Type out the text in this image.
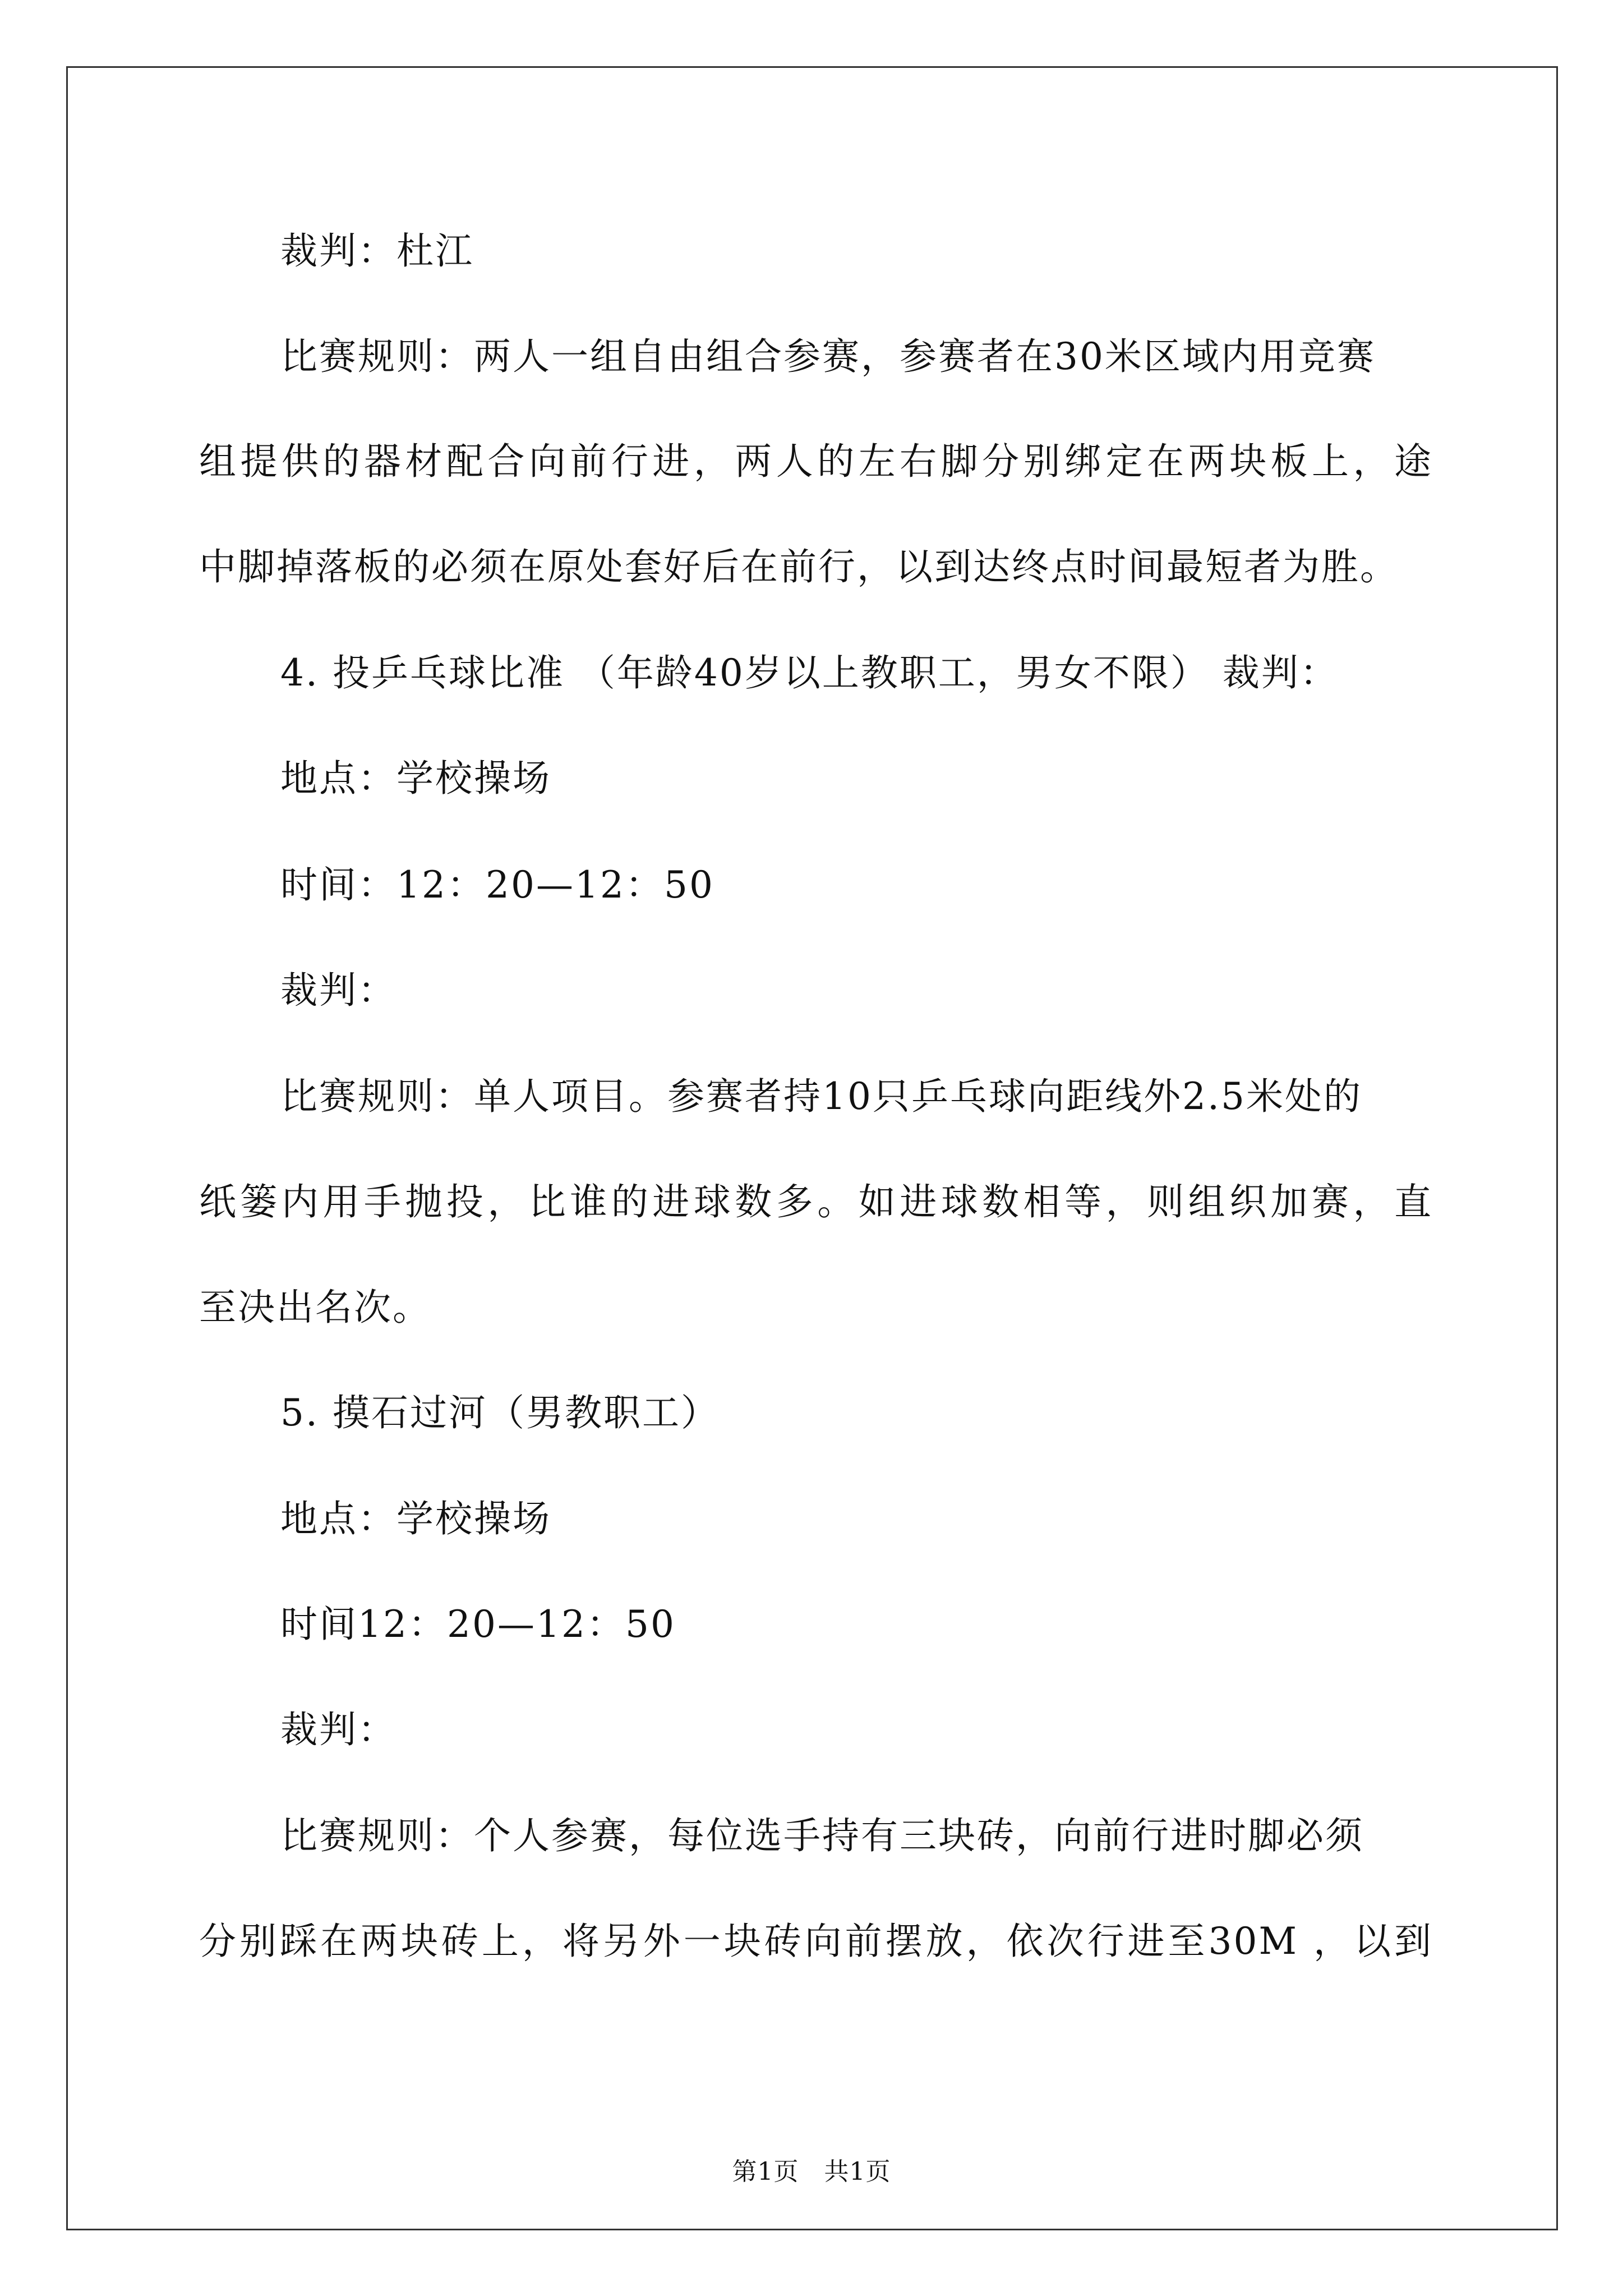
裁判：杜江
比赛规则：两人一组自由组合参赛，参赛者在30米区域内用竞赛
组提供的器材配合向前行进，两人的左右脚分别绑定在两块板上，途
中脚掉落板的必须在原处套好后在前行，以到达终点时间最短者为胜。
4. 投乒乓球比准 （年龄40岁以上教职工，男女不限） 裁判：
地点：学校操场
时间：12：20—12：50
裁判：
比赛规则：单人项目。参赛者持10只乒乓球向距线外2.5米处的
纸篓内用手抛投，比谁的进球数多。如进球数相等，则组织加赛，直
至决出名次。
5. 摸石过河（男教职工）
地点：学校操场
时间12：20—12：50
裁判：
比赛规则：个人参赛，每位选手持有三块砖，向前行进时脚必须
分别踩在两块砖上，将另外一块砖向前摆放，依次行进至30M ，以到
第1页　共1页
